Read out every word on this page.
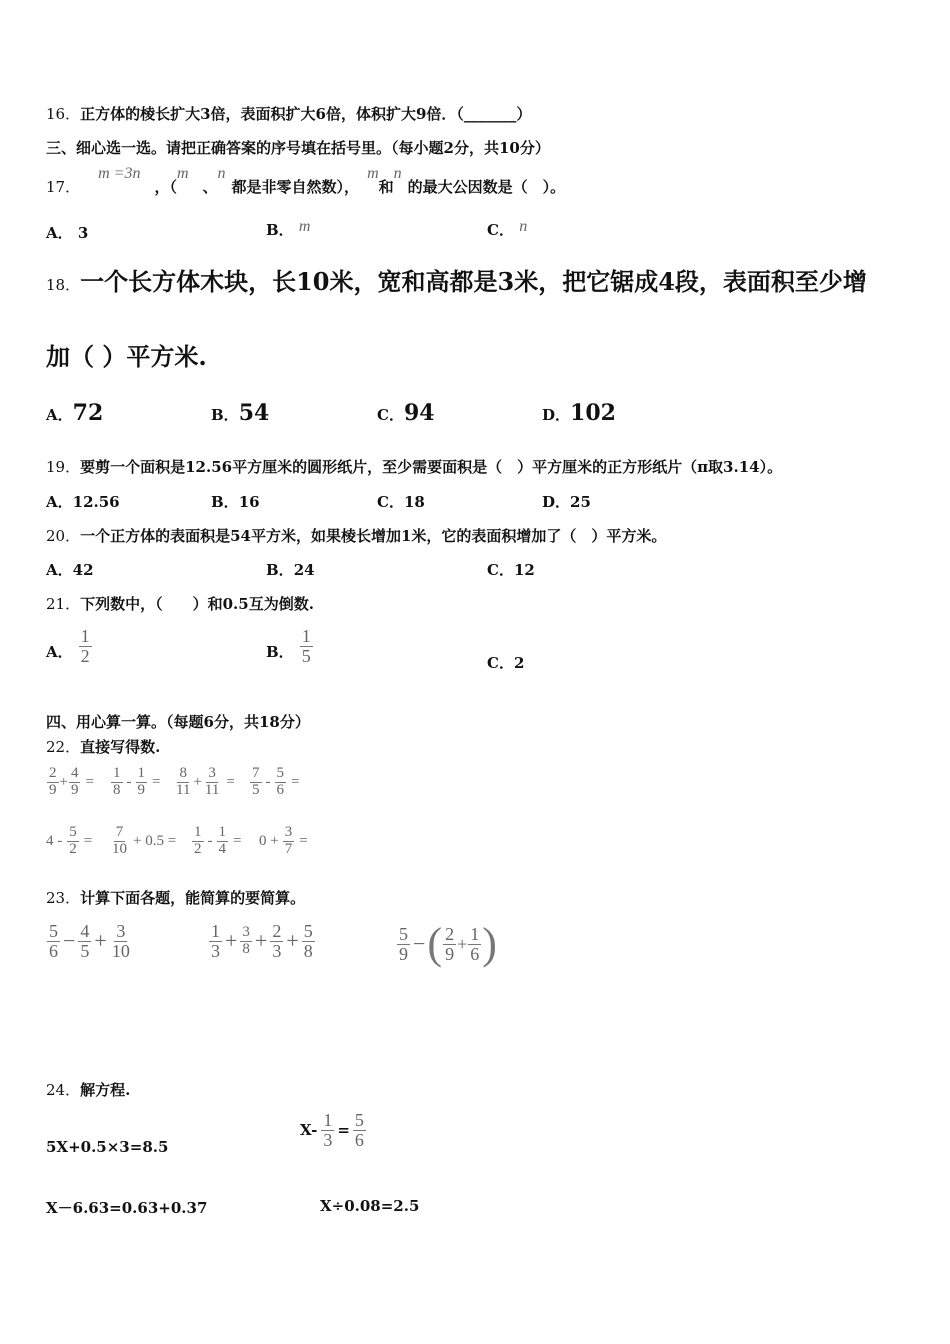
16．正方体的棱长扩大3倍，表面积扩大6倍，体积扩大9倍．（_______）
三、细心选一选。请把正确答案的序号填在括号里。（每小题2分，共10分）
17．
m =3n
，（
m
、
n
都是非零自然数），
m
和
n
的最大公因数是（　）。
A． 3	B． m	C． n
18．一个长方体木块，长10米，宽和高都是3米，把它锯成4段，表面积至少增
加（ ）平方米.
A．72	B．54	C．94	D．102
19．要剪一个面积是12.56平方厘米的圆形纸片，至少需要面积是（　）平方厘米的正方形纸片（π取3.14）。
A．12.56	B．16	C．18	D．25
20．一个正方体的表面积是54平方米，如果棱长增加1米，它的表面积增加了（　）平方米。
A．42	B．24	C．12
21．下列数中，（　　）和0.5互为倒数.
A． $\frac{1}{2}$	B． $\frac{1}{5}$	C．2
四、用心算一算。（每题6分，共18分）
22．直接写得数.
$\frac{2}{9} + \frac{4}{9} = \frac{1}{8} - \frac{1}{9} = \frac{8}{11} + \frac{3}{11} = \frac{7}{5} - \frac{5}{6}$ =
$4 - \frac{5}{2} = \frac{7}{10} + 0.5 = \frac{1}{2} - \frac{1}{4} = 0 + \frac{3}{7}$ =
23．计算下面各题，能简算的要简算。
$\frac{5}{6} - \frac{4}{5} + \frac{3}{10}$	$\frac{1}{3} + \frac{3}{8} + \frac{2}{3} + \frac{5}{8}$	$\frac{5}{9}$ − ( $\frac{2}{9} + \frac{1}{6}$ )
24．解方程.
5X+0.5×3=8.5
$X- \frac{1}{3} = \frac{5}{6}$
X－6.63=0.63+0.37	X÷0.08=2.5
